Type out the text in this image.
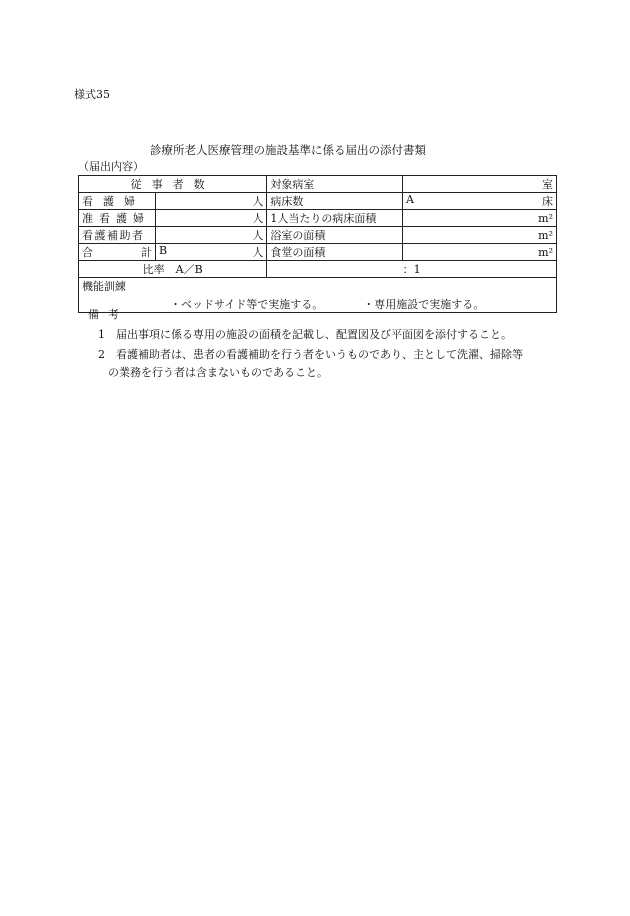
様式35
診療所老人医療管理の施設基準に係る届出の添付書類
（届出内容）
従事者数		対象病室	室
看護婦	人	病床数	A 床

准看護婦	人	1人当たりの病床面積	m²
看護補助者	人	浴室の面積	m²

合 計	B 人	食堂の面積	m²
比率　A／B		：1	

機能訓練
・ベッドサイド等で実施する。 ・専用施設で実施する。			
備考
1　届出事項に係る専用の施設の面積を記載し、配置図及び平面図を添付すること。
2　看護補助者は、患者の看護補助を行う者をいうものであり、主として洗濯、掃除等
の業務を行う者は含まないものであること。
